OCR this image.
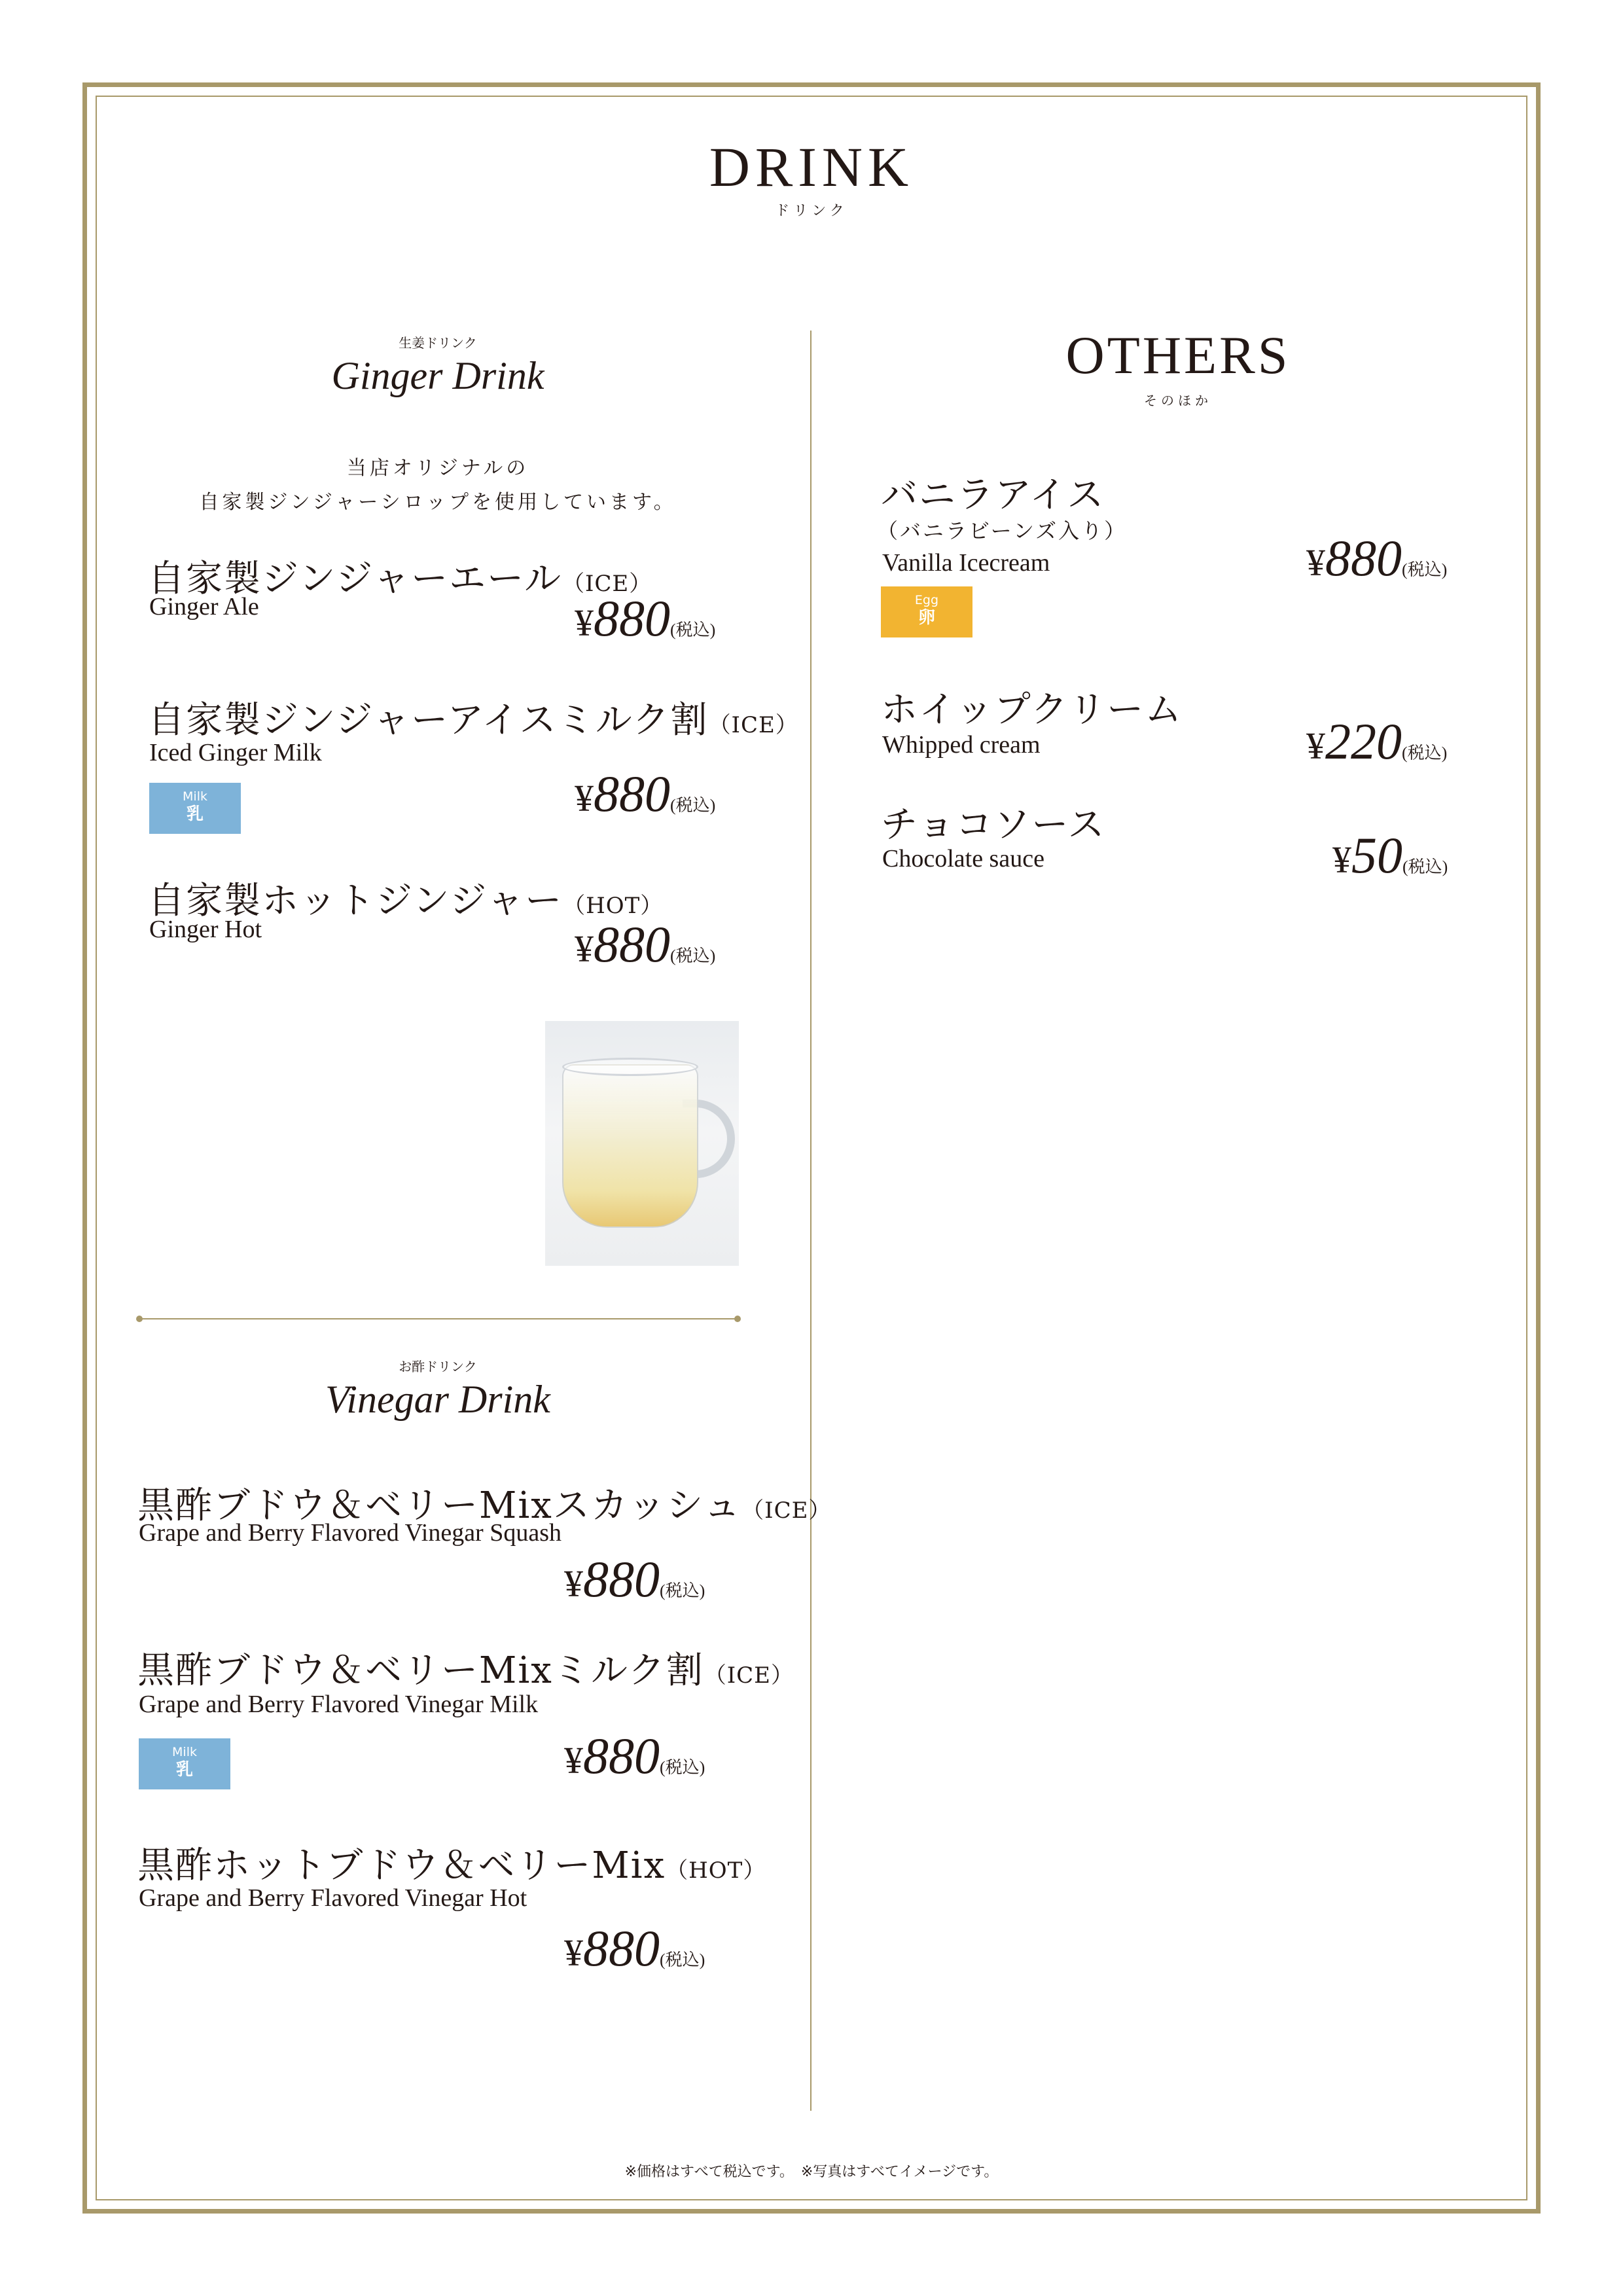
DRINK
ドリンク
生姜ドリンク
Ginger Drink
当店オリジナルの
自家製ジンジャーシロップを使用しています。
自家製ジンジャーエール（ICE）
Ginger Ale	¥880(税込)
自家製ジンジャーアイスミルク割（ICE）
Iced Ginger Milk
Milk
乳	¥880(税込)
自家製ホットジンジャー（HOT）
Ginger Hot	¥880(税込)
お酢ドリンク
Vinegar Drink
黒酢ブドウ＆ベリーMixスカッシュ（ICE）
Grape and Berry Flavored Vinegar Squash
¥880(税込)
黒酢ブドウ＆ベリーMixミルク割（ICE）
Grape and Berry Flavored Vinegar Milk
Milk
乳	¥880(税込)
黒酢ホットブドウ＆ベリーMix（HOT）
Grape and Berry Flavored Vinegar Hot
¥880(税込)
OTHERS
そのほか
バニラアイス
（バニラビーンズ入り）
Vanilla Icecream
Egg
卵
¥880(税込)
ホイップクリーム
Whipped cream	¥220(税込)
チョコソース
Chocolate sauce	¥50(税込)
※価格はすべて税込です。　※写真はすべてイメージです。
